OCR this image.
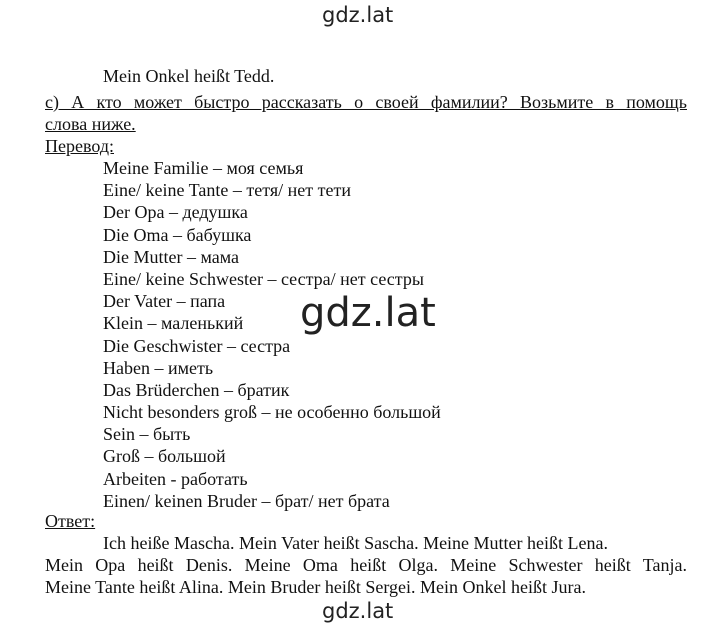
gdz.lat
Mein Onkel heißt Tedd.
с) А кто может быстро рассказать о своей фамилии? Возьмите в помощь
слова ниже.
Перевод:
Meine Familie – моя семья
Eine/ keine Tante – тетя/ нет тети
Der Opa – дедушка
Die Oma – бабушка
Die Mutter – мама
Eine/ keine Schwester – сестра/ нет сестры
Der Vater – папа
Klein – маленький
Die Geschwister – сестра
Haben – иметь
Das Brüderchen – братик
Nicht besonders groß – не особенно большой
Sein – быть
Groß – большой
Arbeiten - работать
Einen/ keinen Bruder – брат/ нет брата
gdz.lat
Ответ:
Ich heiße Mascha. Mein Vater heißt Sascha. Meine Mutter heißt Lena.
Mein Opa heißt Denis. Meine Oma heißt Olga. Meine Schwester heißt Tanja.
Meine Tante heißt Alina. Mein Bruder heißt Sergei. Mein Onkel heißt Jura.
gdz.lat
